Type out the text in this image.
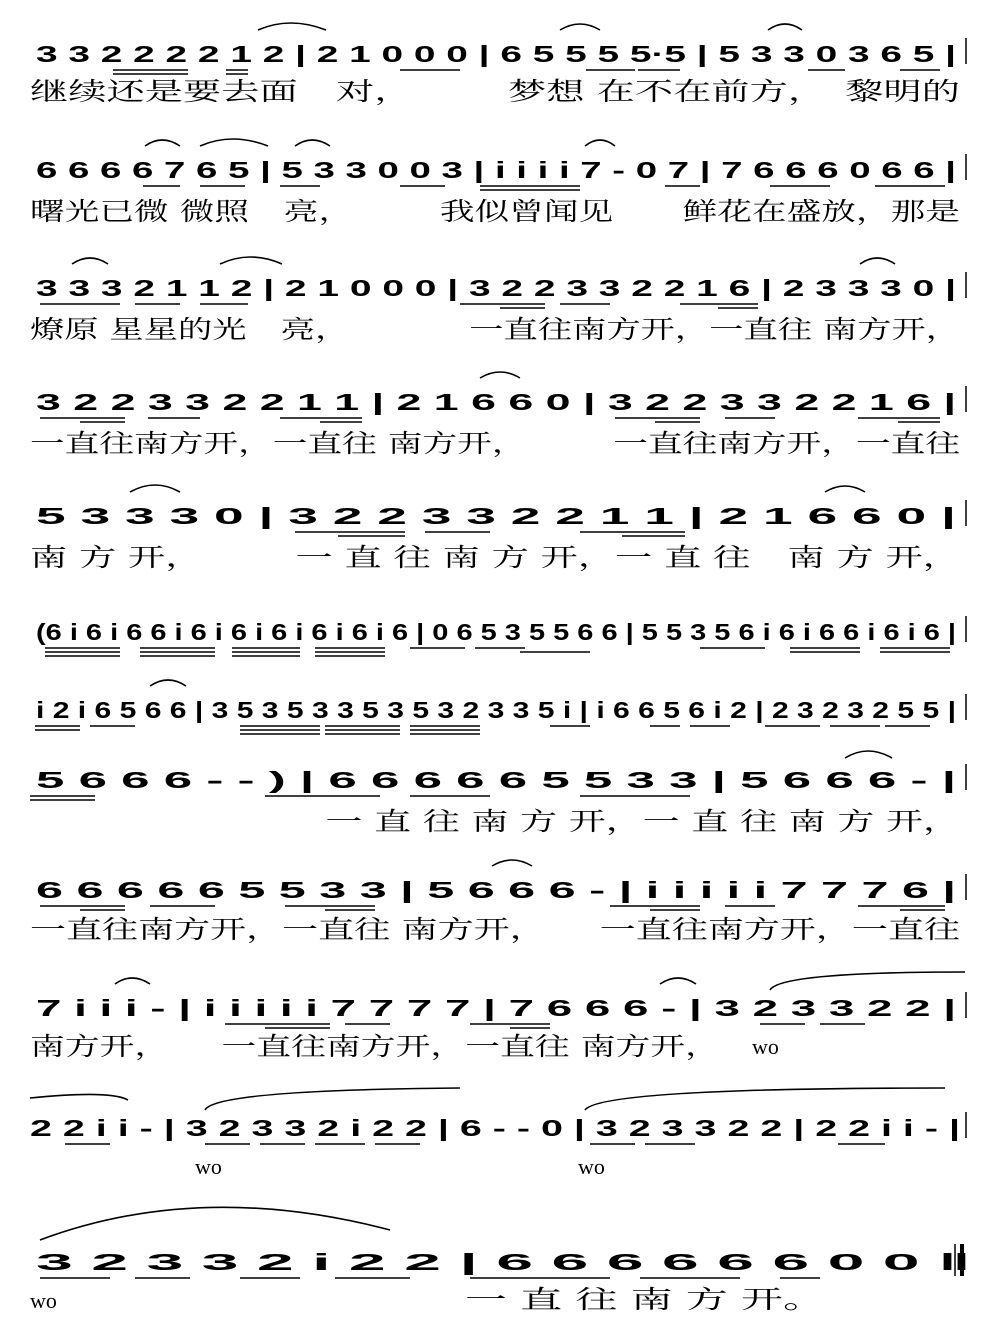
3 3 2 2 2 2 1 2 | 2 1 0 0 0 | 6 5 5 5 5·5 | 5 3 3 0 3 6 5 |
继续还是要去面　对，　　　梦想 在不在前方，　黎明的
6 6 6 6 7 6 5 | 5 3 3 0 0 3 | i i i i 7 - 0 7 | 7 6 6 6 0 6 6 |
曙光已微 微照　亮，　　　我似曾闻见　　鲜花在盛放，那是
3 3 3 2 1 1 2 | 2 1 0 0 0 | 3 2 2 3 3 2 2 1 6 | 2 3 3 3 0 |
燎原 星星的光　亮，　　　　一直往南方开，一直往 南方开，
3 2 2 3 3 2 2 1 1 | 2 1 6 6 0 | 3 2 2 3 3 2 2 1 6 |
一直往南方开，一直往 南方开，　　　一直往南方开，一直往
5 3 3 3 0 | 3 2 2 3 3 2 2 1 1 | 2 1 6 6 0 |
南 方 开，　　　一 直 往 南 方 开，一 直 往　南 方 开，
(6 i 6 i 6 6 i 6 i 6 i 6 i 6 i 6 i 6 | 0 6 5 3 5 5 6 6 | 5 5 3 5 6 i 6 i 6 6 i 6 i 6 |
i 2 i 6 5 6 6 | 3 5 3 5 3 3 5 3 5 3 2 3 3 5 i | i 6 6 5 6 i 2 | 2 3 2 3 2 5 5 |
5 6 6 6 - - ) | 6 6 6 6 6 5 5 3 3 | 5 6 6 6 - |
　　　　　　　　一 直 往 南 方 开，一 直 往 南 方 开，
6 6 6 6 6 5 5 3 3 | 5 6 6 6 - | i i i i i 7 7 7 6 |
一直往南方开，一直往 南方开，　　一直往南方开，一直往
7 i i i - | i i i i i 7 7 7 7 | 7 6 6 6 - | 3 2 3 3 2 2 |
南方开，　　一直往南方开，一直往 南方开， wo
2 2 i i - | 3 2 3 3 2 i 2 2 | 6 - - 0 | 3 2 3 3 2 2 | 2 2 i i - |
wo	wo
3 2 3 3 2 i 2 2 | 6 6 6 6 6 6 0 0 ‖
一 直 往 南 方 开。
wo
